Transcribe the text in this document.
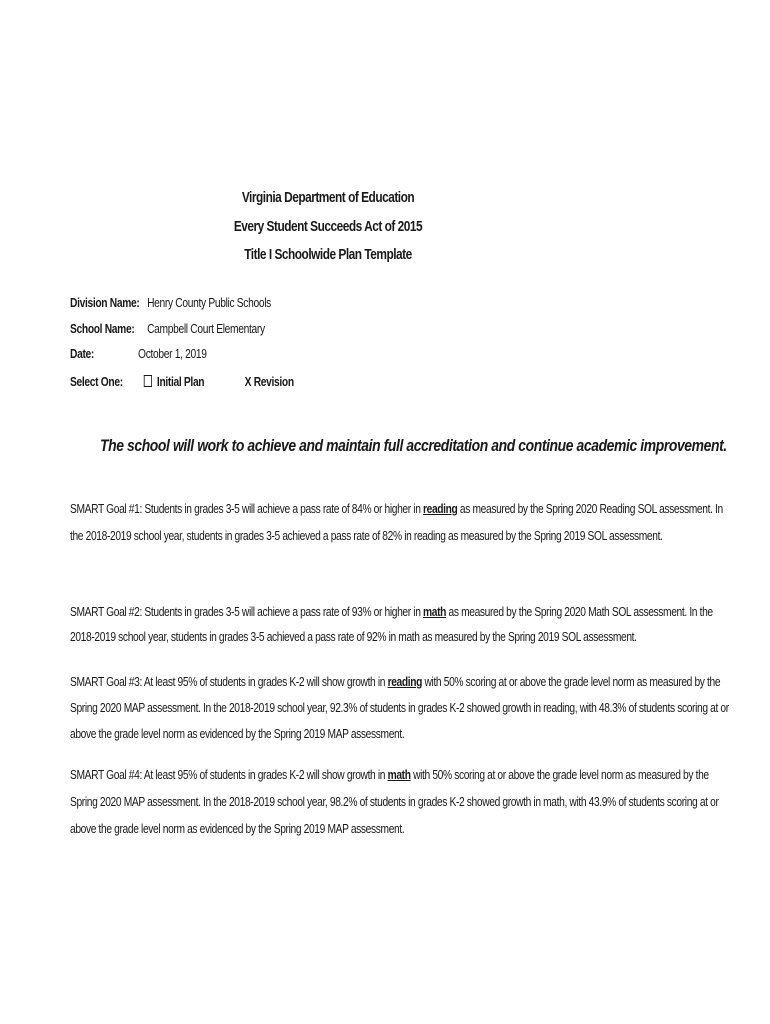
Virginia Department of Education
Every Student Succeeds Act of 2015
Title I Schoolwide Plan Template
Division Name: Henry County Public Schools
School Name: Campbell Court Elementary
Date:	October 1, 2019
Select One:	Initial Plan	X Revision
The school will work to achieve and maintain full accreditation and continue academic improvement.
SMART Goal #1: Students in grades 3-5 will achieve a pass rate of 84% or higher in reading as measured by the Spring 2020 Reading SOL assessment. In the 2018-2019 school year, students in grades 3-5 achieved a pass rate of 82% in reading as measured by the Spring 2019 SOL assessment.
SMART Goal #2: Students in grades 3-5 will achieve a pass rate of 93% or higher in math as measured by the Spring 2020 Math SOL assessment. In the 2018-2019 school year, students in grades 3-5 achieved a pass rate of 92% in math as measured by the Spring 2019 SOL assessment.
SMART Goal #3: At least 95% of students in grades K-2 will show growth in reading with 50% scoring at or above the grade level norm as measured by the Spring 2020 MAP assessment. In the 2018-2019 school year, 92.3% of students in grades K-2 showed growth in reading, with 48.3% of students scoring at or above the grade level norm as evidenced by the Spring 2019 MAP assessment.
SMART Goal #4: At least 95% of students in grades K-2 will show growth in math with 50% scoring at or above the grade level norm as measured by the Spring 2020 MAP assessment. In the 2018-2019 school year, 98.2% of students in grades K-2 showed growth in math, with 43.9% of students scoring at or above the grade level norm as evidenced by the Spring 2019 MAP assessment.
